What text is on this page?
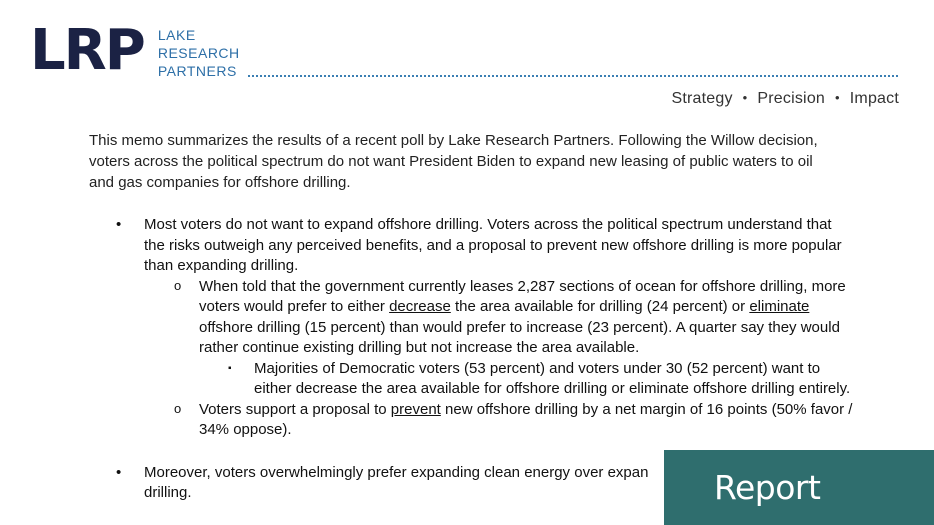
LRP LAKE
RESEARCH
PARTNERS
Strategy • Precision • Impact
This memo summarizes the results of a recent poll by Lake Research Partners. Following the Willow decision, voters across the political spectrum do not want President Biden to expand new leasing of public waters to oil and gas companies for offshore drilling.
• Most voters do not want to expand offshore drilling. Voters across the political spectrum understand that the risks outweigh any perceived benefits, and a proposal to prevent new offshore drilling is more popular than expanding drilling.
o When told that the government currently leases 2,287 sections of ocean for offshore drilling, more voters would prefer to either decrease the area available for drilling (24 percent) or eliminate offshore drilling (15 percent) than would prefer to increase (23 percent). A quarter say they would rather continue existing drilling but not increase the area available.
▪ Majorities of Democratic voters (53 percent) and voters under 30 (52 percent) want to either decrease the area available for offshore drilling or eliminate offshore drilling entirely.
o Voters support a proposal to prevent new offshore drilling by a net margin of 16 points (50% favor / 34% oppose).
• Moreover, voters overwhelmingly prefer expanding clean energy over expan
drilling.	Report
